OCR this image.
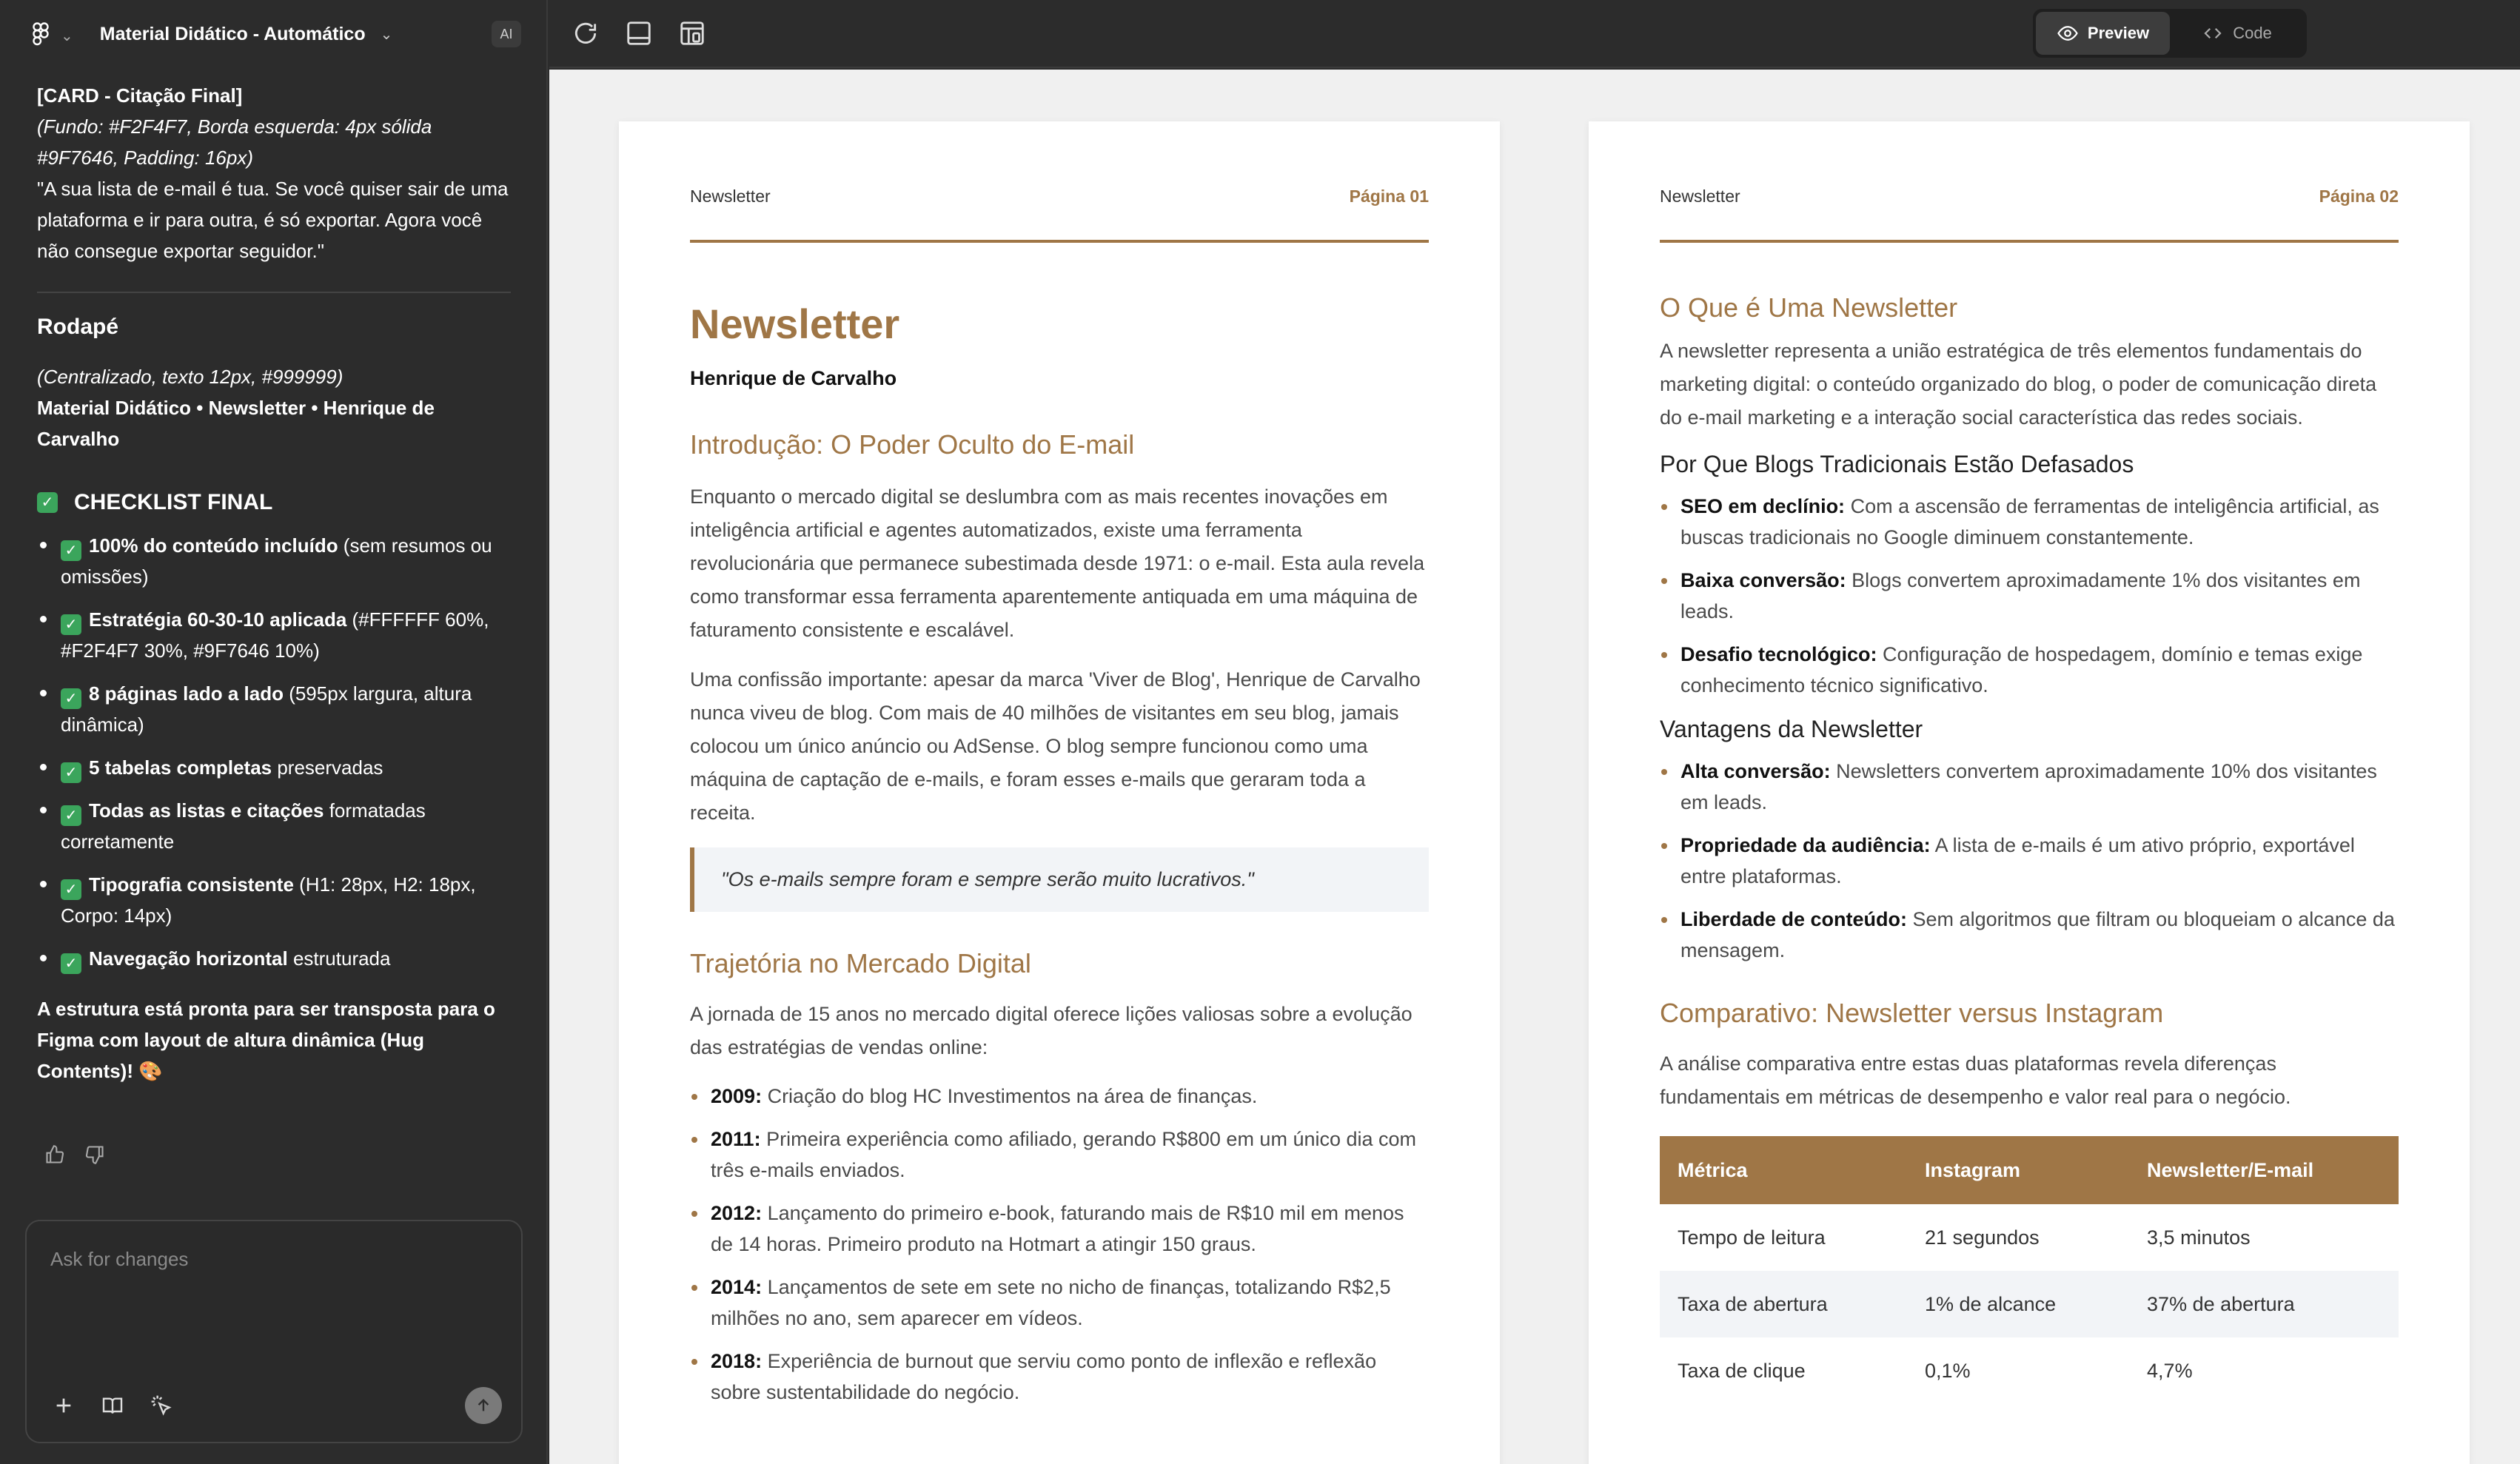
⌄ Material Didático - Automático ⌄	AI
[CARD - Citação Final]
(Fundo: #F2F4F7, Borda esquerda: 4px sólida #9F7646, Padding: 16px)
"A sua lista de e-mail é tua. Se você quiser sair de uma plataforma e ir para outra, é só exportar. Agora você não consegue exportar seguidor."
Rodapé
(Centralizado, texto 12px, #999999)
Material Didático • Newsletter • Henrique de Carvalho
✓ CHECKLIST FINAL
✓ 100% do conteúdo incluído (sem resumos ou omissões)
✓ Estratégia 60-30-10 aplicada (#FFFFFF 60%, #F2F4F7 30%, #9F7646 10%)
✓ 8 páginas lado a lado (595px largura, altura dinâmica)
✓ 5 tabelas completas preservadas
✓ Todas as listas e citações formatadas corretamente
✓ Tipografia consistente (H1: 28px, H2: 18px, Corpo: 14px)
✓ Navegação horizontal estruturada
A estrutura está pronta para ser transposta para o Figma com layout de altura dinâmica (Hug Contents)! 🎨
Ask for changes
Preview	Code
Newsletter	Página 01
Newsletter
Henrique de Carvalho
Introdução: O Poder Oculto do E-mail

Enquanto o mercado digital se deslumbra com as mais recentes inovações em inteligência artificial e agentes automatizados, existe uma ferramenta revolucionária que permanece subestimada desde 1971: o e-mail. Esta aula revela como transformar essa ferramenta aparentemente antiquada em uma máquina de faturamento consistente e escalável.

Uma confissão importante: apesar da marca 'Viver de Blog', Henrique de Carvalho nunca viveu de blog. Com mais de 40 milhões de visitantes em seu blog, jamais colocou um único anúncio ou AdSense. O blog sempre funcionou como uma máquina de captação de e-mails, e foram esses e-mails que geraram toda a receita.

"Os e-mails sempre foram e sempre serão muito lucrativos."
Trajetória no Mercado Digital

A jornada de 15 anos no mercado digital oferece lições valiosas sobre a evolução das estratégias de vendas online:

2009: Criação do blog HC Investimentos na área de finanças.
2011: Primeira experiência como afiliado, gerando R$800 em um único dia com três e-mails enviados.
2012: Lançamento do primeiro e-book, faturando mais de R$10 mil em menos de 14 horas. Primeiro produto na Hotmart a atingir 150 graus.
2014: Lançamentos de sete em sete no nicho de finanças, totalizando R$2,5 milhões no ano, sem aparecer em vídeos.
2018: Experiência de burnout que serviu como ponto de inflexão e reflexão sobre sustentabilidade do negócio.
Newsletter	Página 02
O Que é Uma Newsletter

A newsletter representa a união estratégica de três elementos fundamentais do marketing digital: o conteúdo organizado do blog, o poder de comunicação direta do e-mail marketing e a interação social característica das redes sociais.

Por Que Blogs Tradicionais Estão Defasados
SEO em declínio: Com a ascensão de ferramentas de inteligência artificial, as buscas tradicionais no Google diminuem constantemente.
Baixa conversão: Blogs convertem aproximadamente 1% dos visitantes em leads.
Desafio tecnológico: Configuração de hospedagem, domínio e temas exige conhecimento técnico significativo.
Vantagens da Newsletter
Alta conversão: Newsletters convertem aproximadamente 10% dos visitantes em leads.
Propriedade da audiência: A lista de e-mails é um ativo próprio, exportável entre plataformas.
Liberdade de conteúdo: Sem algoritmos que filtram ou bloqueiam o alcance da mensagem.
Comparativo: Newsletter versus Instagram

A análise comparativa entre estas duas plataformas revela diferenças fundamentais em métricas de desempenho e valor real para o negócio.

Métrica	Instagram	Newsletter/E-mail
Tempo de leitura	21 segundos	3,5 minutos
Taxa de abertura	1% de alcance	37% de abertura
Taxa de clique	0,1%	4,7%
